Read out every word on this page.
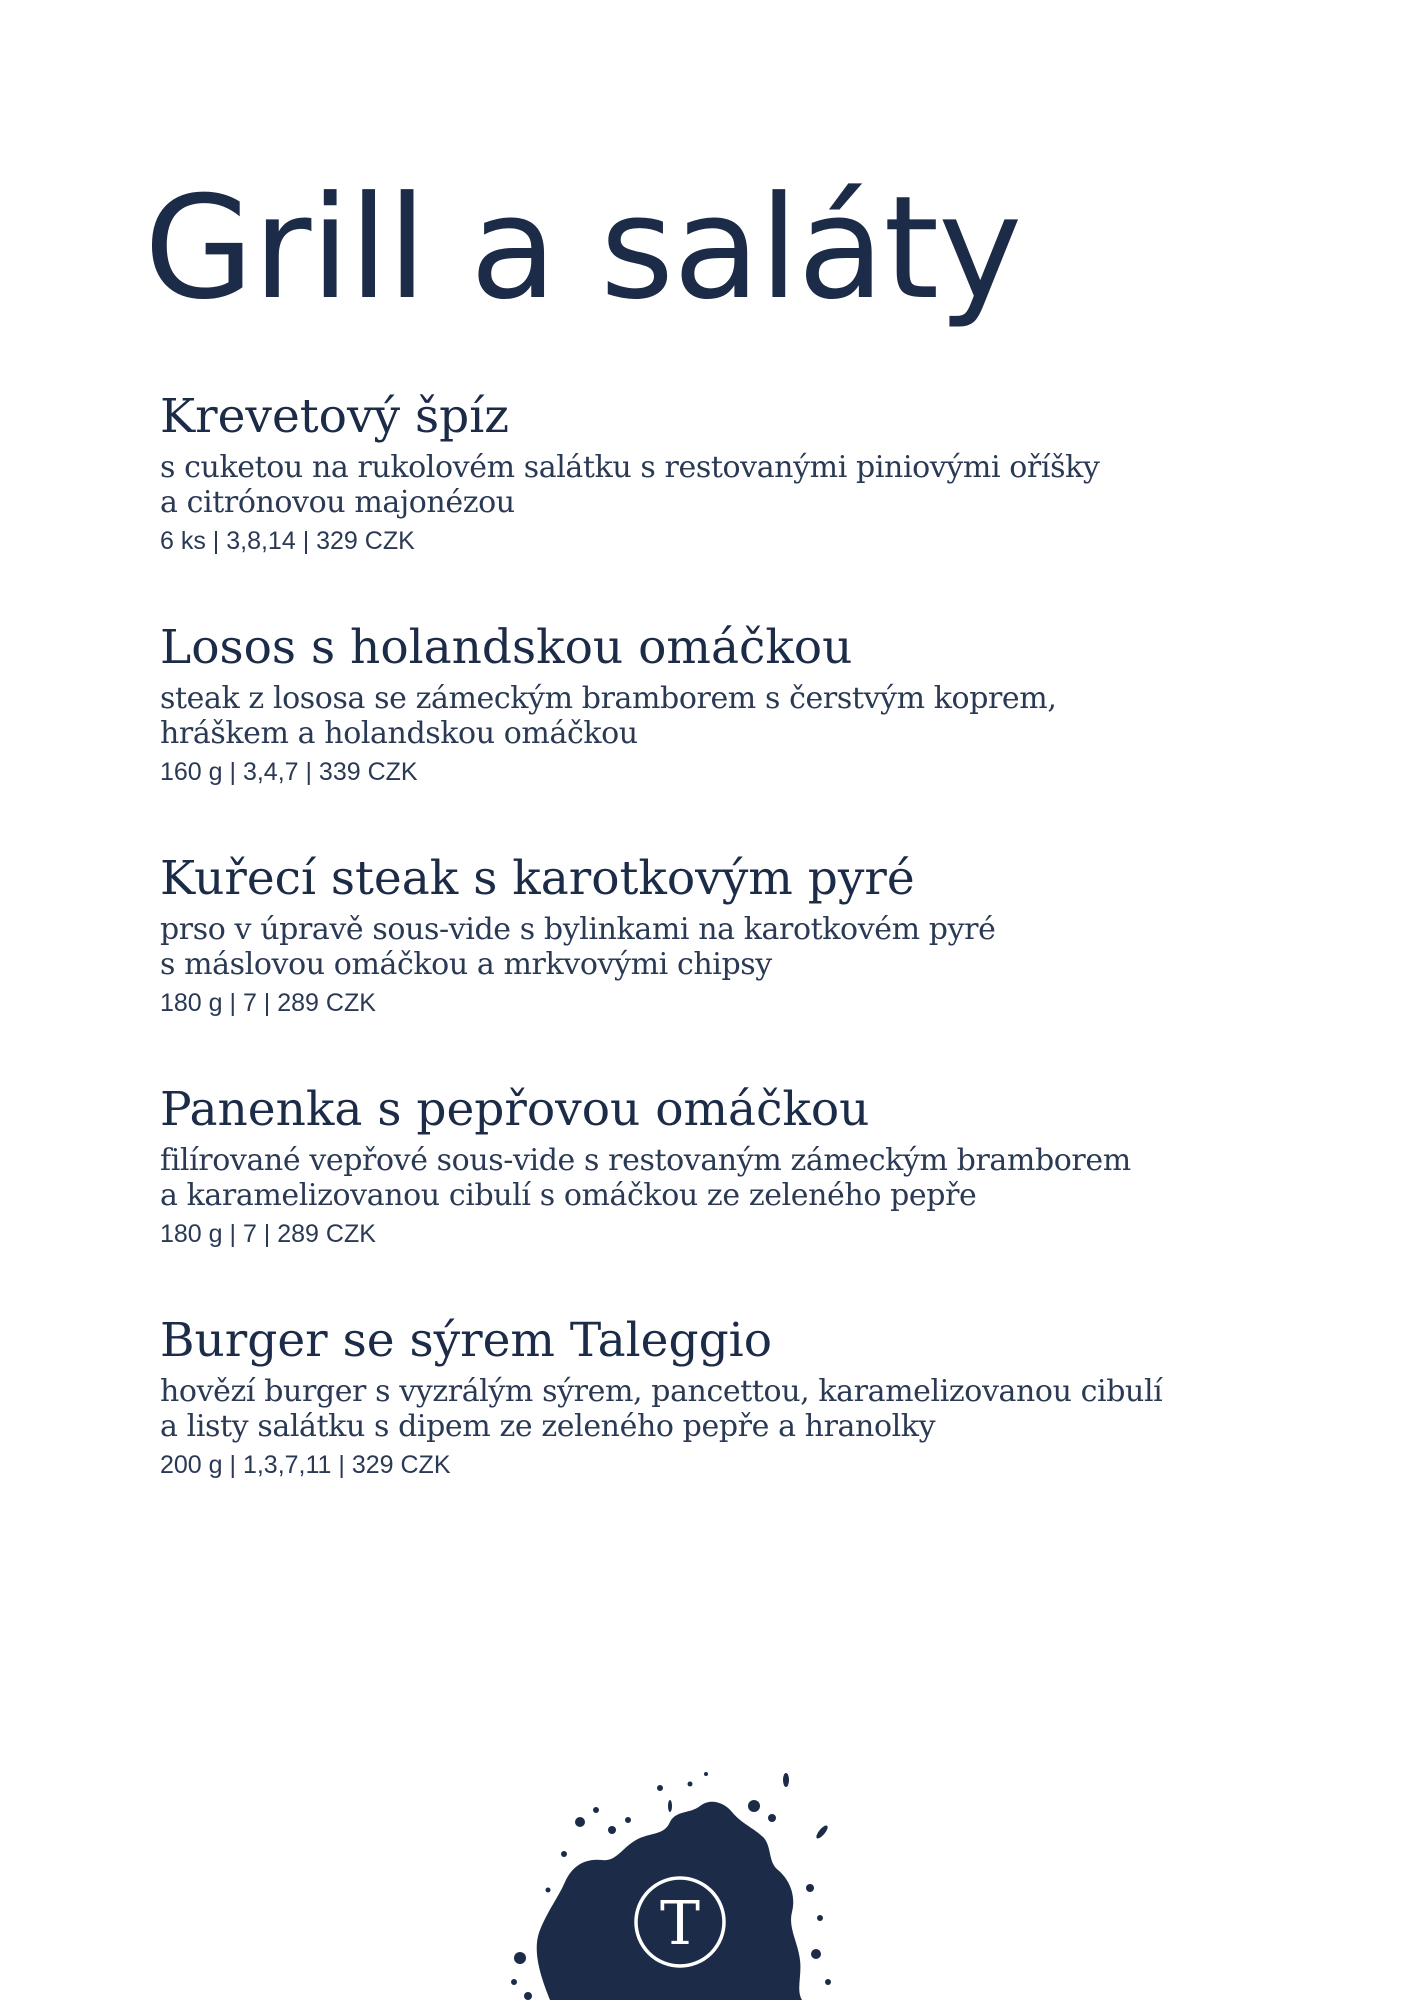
Grill a saláty
Krevetový špíz

s cuketou na rukolovém salátku s restovanými piniovými oříšky
a citrónovou majonézou

6 ks | 3,8,14 | 329 CZK

Losos s holandskou omáčkou

steak z lososa se zámeckým bramborem s čerstvým koprem,
hráškem a holandskou omáčkou

160 g | 3,4,7 | 339 CZK

Kuřecí steak s karotkovým pyré

prso v úpravě sous-vide s bylinkami na karotkovém pyré
s máslovou omáčkou a mrkvovými chipsy

180 g | 7 | 289 CZK

Panenka s pepřovou omáčkou

filírované vepřové sous-vide s restovaným zámeckým bramborem
a karamelizovanou cibulí s omáčkou ze zeleného pepře

180 g | 7 | 289 CZK

Burger se sýrem Taleggio

hovězí burger s vyzrálým sýrem, pancettou, karamelizovanou cibulí
a listy salátku s dipem ze zeleného pepře a hranolky

200 g | 1,3,7,11 | 329 CZK

T
